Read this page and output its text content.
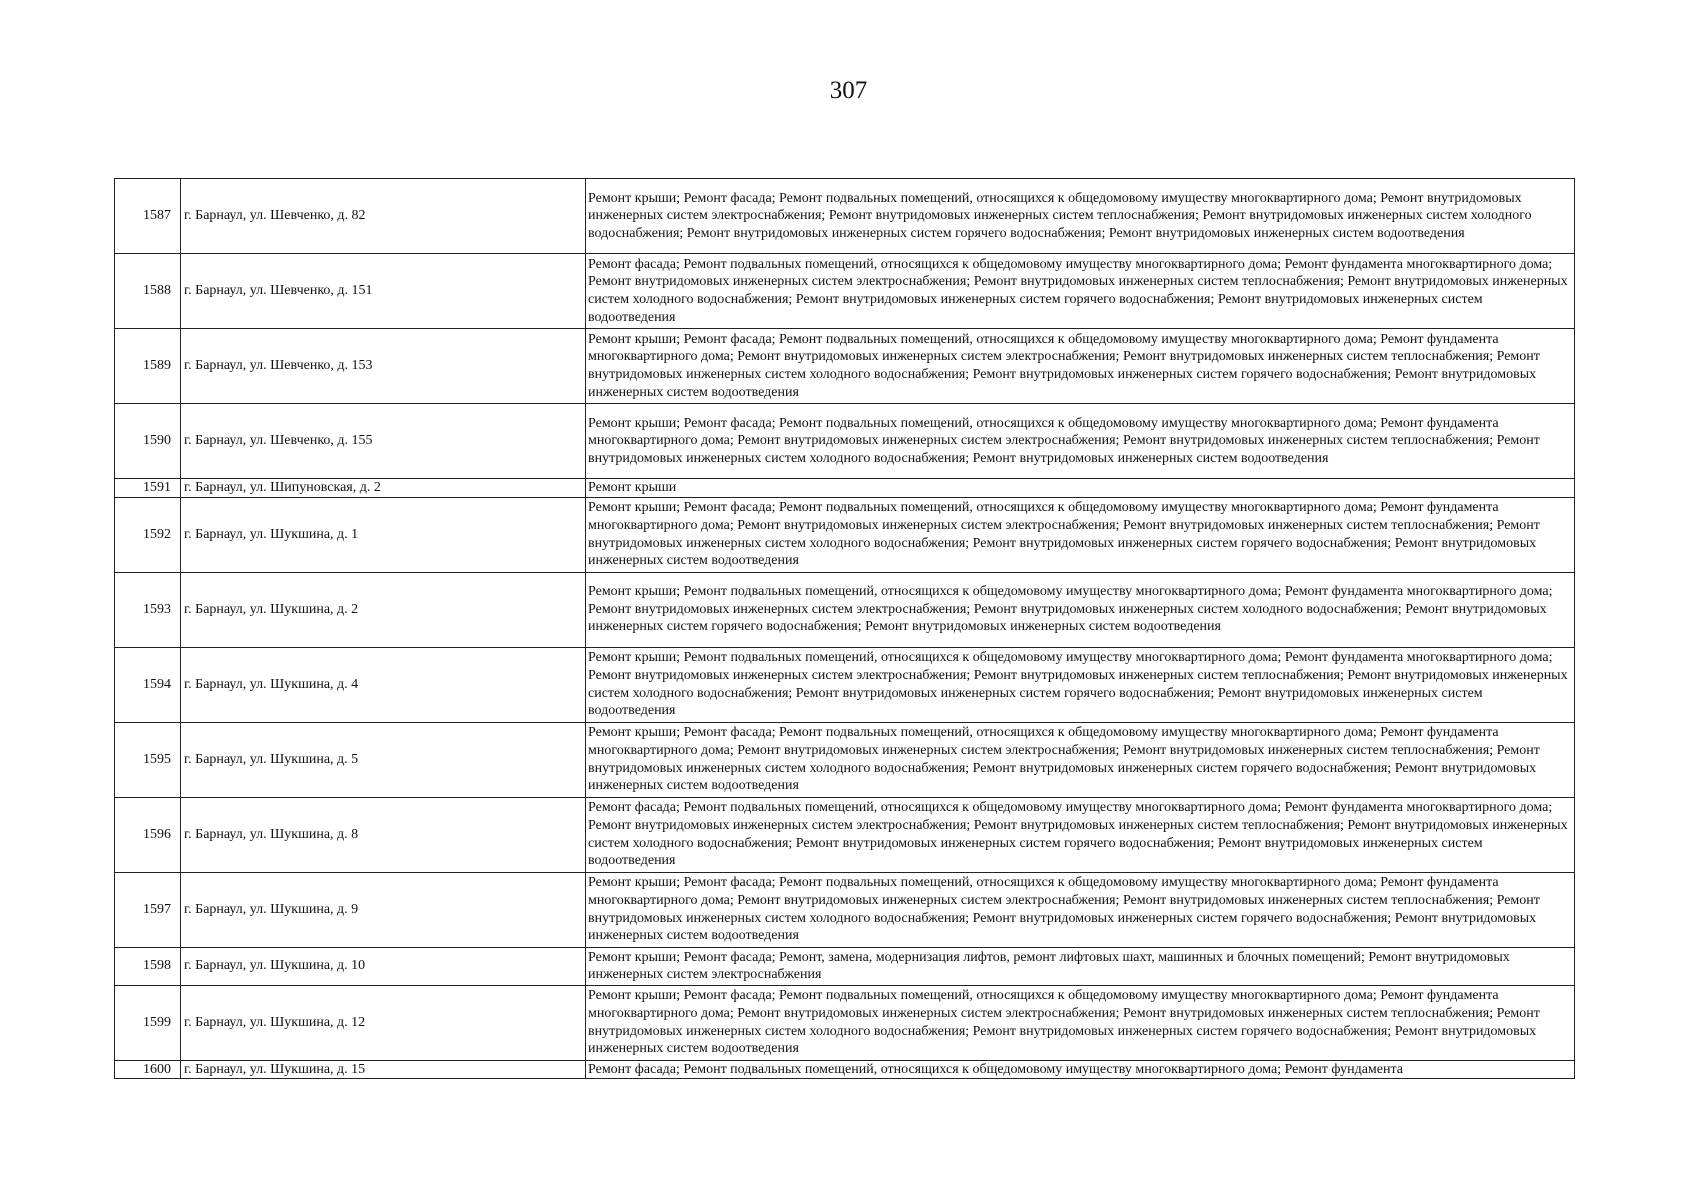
307
1587	г. Барнаул, ул. Шевченко, д. 82	Ремонт крыши; Ремонт фасада; Ремонт подвальных помещений, относящихся к общедомовому имуществу многоквартирного дома; Ремонт внутридомовых инженерных систем электроснабжения; Ремонт внутридомовых инженерных систем теплоснабжения; Ремонт внутридомовых инженерных систем холодного водоснабжения; Ремонт внутридомовых инженерных систем горячего водоснабжения; Ремонт внутридомовых инженерных систем водоотведения
1588	г. Барнаул, ул. Шевченко, д. 151	Ремонт фасада; Ремонт подвальных помещений, относящихся к общедомовому имуществу многоквартирного дома; Ремонт фундамента многоквартирного дома; Ремонт внутридомовых инженерных систем электроснабжения; Ремонт внутридомовых инженерных систем теплоснабжения; Ремонт внутридомовых инженерных систем холодного водоснабжения; Ремонт внутридомовых инженерных систем горячего водоснабжения; Ремонт внутридомовых инженерных систем водоотведения
1589	г. Барнаул, ул. Шевченко, д. 153	Ремонт крыши; Ремонт фасада; Ремонт подвальных помещений, относящихся к общедомовому имуществу многоквартирного дома; Ремонт фундамента многоквартирного дома; Ремонт внутридомовых инженерных систем электроснабжения; Ремонт внутридомовых инженерных систем теплоснабжения; Ремонт внутридомовых инженерных систем холодного водоснабжения; Ремонт внутридомовых инженерных систем горячего водоснабжения; Ремонт внутридомовых инженерных систем водоотведения
1590	г. Барнаул, ул. Шевченко, д. 155	Ремонт крыши; Ремонт фасада; Ремонт подвальных помещений, относящихся к общедомовому имуществу многоквартирного дома; Ремонт фундамента многоквартирного дома; Ремонт внутридомовых инженерных систем электроснабжения; Ремонт внутридомовых инженерных систем теплоснабжения; Ремонт внутридомовых инженерных систем холодного водоснабжения; Ремонт внутридомовых инженерных систем водоотведения
1591	г. Барнаул, ул. Шипуновская, д. 2	Ремонт крыши
1592	г. Барнаул, ул. Шукшина, д. 1	Ремонт крыши; Ремонт фасада; Ремонт подвальных помещений, относящихся к общедомовому имуществу многоквартирного дома; Ремонт фундамента многоквартирного дома; Ремонт внутридомовых инженерных систем электроснабжения; Ремонт внутридомовых инженерных систем теплоснабжения; Ремонт внутридомовых инженерных систем холодного водоснабжения; Ремонт внутридомовых инженерных систем горячего водоснабжения; Ремонт внутридомовых инженерных систем водоотведения
1593	г. Барнаул, ул. Шукшина, д. 2	Ремонт крыши; Ремонт подвальных помещений, относящихся к общедомовому имуществу многоквартирного дома; Ремонт фундамента многоквартирного дома; Ремонт внутридомовых инженерных систем электроснабжения; Ремонт внутридомовых инженерных систем холодного водоснабжения; Ремонт внутридомовых инженерных систем горячего водоснабжения; Ремонт внутридомовых инженерных систем водоотведения
1594	г. Барнаул, ул. Шукшина, д. 4	Ремонт крыши; Ремонт подвальных помещений, относящихся к общедомовому имуществу многоквартирного дома; Ремонт фундамента многоквартирного дома; Ремонт внутридомовых инженерных систем электроснабжения; Ремонт внутридомовых инженерных систем теплоснабжения; Ремонт внутридомовых инженерных систем холодного водоснабжения; Ремонт внутридомовых инженерных систем горячего водоснабжения; Ремонт внутридомовых инженерных систем водоотведения
1595	г. Барнаул, ул. Шукшина, д. 5	Ремонт крыши; Ремонт фасада; Ремонт подвальных помещений, относящихся к общедомовому имуществу многоквартирного дома; Ремонт фундамента многоквартирного дома; Ремонт внутридомовых инженерных систем электроснабжения; Ремонт внутридомовых инженерных систем теплоснабжения; Ремонт внутридомовых инженерных систем холодного водоснабжения; Ремонт внутридомовых инженерных систем горячего водоснабжения; Ремонт внутридомовых инженерных систем водоотведения
1596	г. Барнаул, ул. Шукшина, д. 8	Ремонт фасада; Ремонт подвальных помещений, относящихся к общедомовому имуществу многоквартирного дома; Ремонт фундамента многоквартирного дома; Ремонт внутридомовых инженерных систем электроснабжения; Ремонт внутридомовых инженерных систем теплоснабжения; Ремонт внутридомовых инженерных систем холодного водоснабжения; Ремонт внутридомовых инженерных систем горячего водоснабжения; Ремонт внутридомовых инженерных систем водоотведения
1597	г. Барнаул, ул. Шукшина, д. 9	Ремонт крыши; Ремонт фасада; Ремонт подвальных помещений, относящихся к общедомовому имуществу многоквартирного дома; Ремонт фундамента многоквартирного дома; Ремонт внутридомовых инженерных систем электроснабжения; Ремонт внутридомовых инженерных систем теплоснабжения; Ремонт внутридомовых инженерных систем холодного водоснабжения; Ремонт внутридомовых инженерных систем горячего водоснабжения; Ремонт внутридомовых инженерных систем водоотведения
1598	г. Барнаул, ул. Шукшина, д. 10	Ремонт крыши; Ремонт фасада; Ремонт, замена, модернизация лифтов, ремонт лифтовых шахт, машинных и блочных помещений; Ремонт внутридомовых инженерных систем электроснабжения
1599	г. Барнаул, ул. Шукшина, д. 12	Ремонт крыши; Ремонт фасада; Ремонт подвальных помещений, относящихся к общедомовому имуществу многоквартирного дома; Ремонт фундамента многоквартирного дома; Ремонт внутридомовых инженерных систем электроснабжения; Ремонт внутридомовых инженерных систем теплоснабжения; Ремонт внутридомовых инженерных систем холодного водоснабжения; Ремонт внутридомовых инженерных систем горячего водоснабжения; Ремонт внутридомовых инженерных систем водоотведения
1600	г. Барнаул, ул. Шукшина, д. 15	Ремонт фасада; Ремонт подвальных помещений, относящихся к общедомовому имуществу многоквартирного дома; Ремонт фундамента
